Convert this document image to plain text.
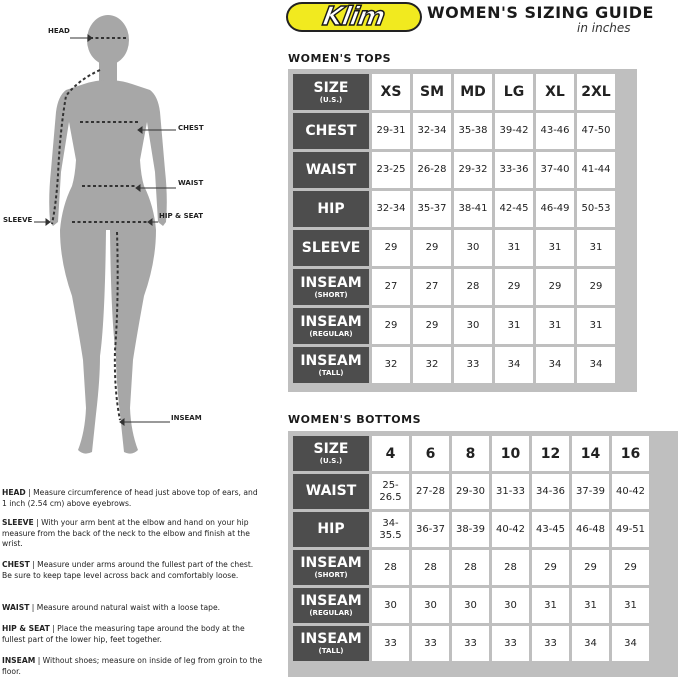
Klim WOMEN'S SIZING GUIDE
in inches
HEAD
CHEST
WAIST
HIP & SEAT
SLEEVE
INSEAM
HEAD | Measure circumference of head just above top of ears, and 1 inch (2.54 cm) above eyebrows.
SLEEVE | With your arm bent at the elbow and hand on your hip measure from the back of the neck to the elbow and finish at the wrist.
CHEST | Measure under arms around the fullest part of the chest. Be sure to keep tape level across back and comfortably loose.
WAIST | Measure around natural waist with a loose tape.
HIP & SEAT | Place the measuring tape around the body at the fullest part of the lower hip, feet together.
INSEAM | Without shoes; measure on inside of leg from groin to the floor.
WOMEN'S TOPS
SIZE
(U.S.)	XS	SM	MD	LG	XL	2XL

CHEST	29-31	32-34	35-38	39-42	43-46	47-50

WAIST	23-25	26-28	29-32	33-36	37-40	41-44

HIP	32-34	35-37	38-41	42-45	46-49	50-53

SLEEVE	29	29	30	31	31	31

INSEAM
(SHORT)	27	27	28	29	29	29

INSEAM
(REGULAR)	29	29	30	31	31	31

INSEAM
(TALL)	32	32	33	34	34	34
WOMEN'S BOTTOMS
SIZE
(U.S.)	4	6	8	10	12	14	16

WAIST	25-26.5	27-28	29-30	31-33	34-36	37-39	40-42

HIP	34-35.5	36-37	38-39	40-42	43-45	46-48	49-51

INSEAM
(SHORT)	28	28	28	28	29	29	29

INSEAM
(REGULAR)	30	30	30	30	31	31	31

INSEAM
(TALL)	33	33	33	33	33	34	34
